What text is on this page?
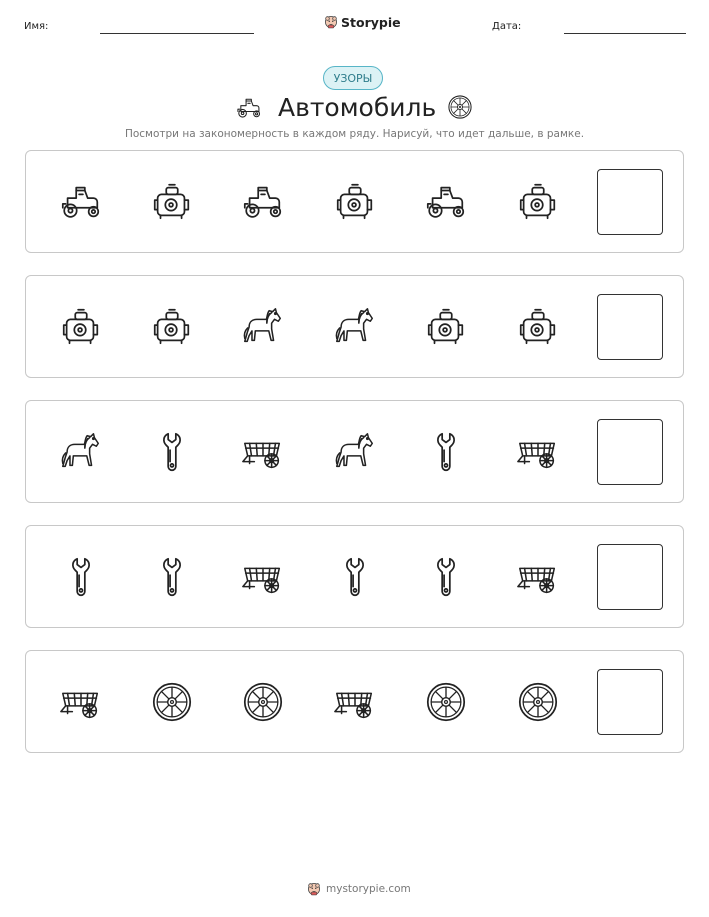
Имя:	Storypie	Дата:
УЗОРЫ
Автомобиль
Посмотри на закономерность в каждом ряду. Нарисуй, что идет дальше, в рамке.
mystorypie.com
